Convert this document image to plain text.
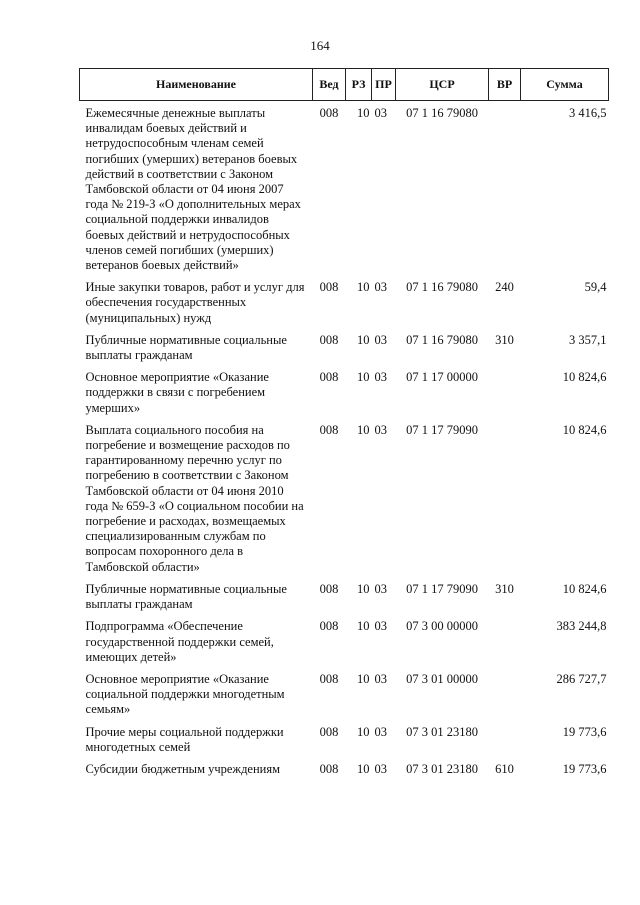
164
Наименование	Вед	РЗ	ПР	ЦСР	ВР	Сумма

Ежемесячные денежные выплаты инвалидам боевых действий и нетрудоспособным членам семей погибших (умерших) ветеранов боевых действий в соответствии с Законом Тамбовской области от 04 июня 2007 года № 219-З «О дополнительных мерах социальной поддержки инвалидов боевых действий и нетрудоспособных членов семей погибших (умерших) ветеранов боевых действий»	008	10	03	07 1 16 79080		3 416,5
Иные закупки товаров, работ и услуг для обеспечения государственных (муниципальных) нужд	008	10	03	07 1 16 79080	240	59,4
Публичные нормативные социальные выплаты гражданам	008	10	03	07 1 16 79080	310	3 357,1
Основное мероприятие «Оказание поддержки в связи с погребением умерших»	008	10	03	07 1 17 00000		10 824,6
Выплата социального пособия на погребение и возмещение расходов по гарантированному перечню услуг по погребению в соответствии с Законом Тамбовской области от 04 июня 2010 года № 659-З «О социальном пособии на погребение и расходах, возмещаемых специализированным службам по вопросам похоронного дела в Тамбовской области»	008	10	03	07 1 17 79090		10 824,6
Публичные нормативные социальные выплаты гражданам	008	10	03	07 1 17 79090	310	10 824,6
Подпрограмма «Обеспечение государственной поддержки семей, имеющих детей»	008	10	03	07 3 00 00000		383 244,8
Основное мероприятие «Оказание социальной поддержки многодетным семьям»	008	10	03	07 3 01 00000		286 727,7
Прочие меры социальной поддержки многодетных семей	008	10	03	07 3 01 23180		19 773,6
Субсидии бюджетным учреждениям	008	10	03	07 3 01 23180	610	19 773,6
